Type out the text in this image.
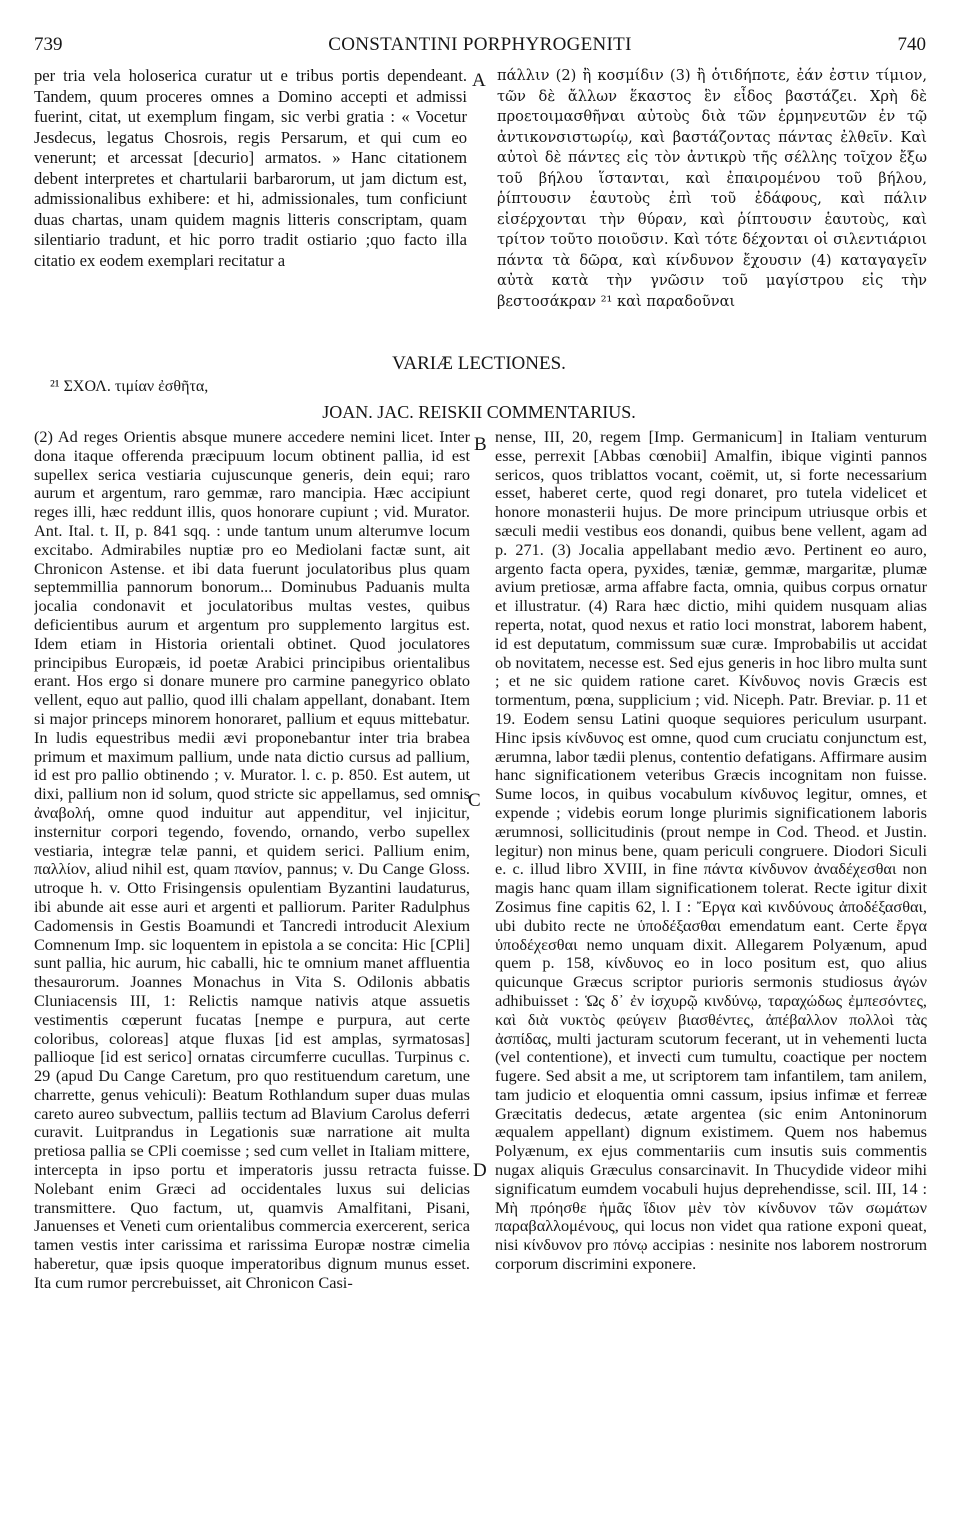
739	CONSTANTINI PORPHYROGENITI	740
per tria vela holoserica curatur ut e tribus portis dependeant. Tandem, quum proceres omnes a Domino accepti et admissi fuerint, citat, ut exemplum fingam, sic verbi gratia : « Vocetur Jesdecus, legatus Chosrois, regis Persarum, et qui cum eo venerunt; et arcessat [decurio] armatos. » Hanc citationem debent interpretes et chartularii barbarorum, ut jam dictum est, admissionalibus exhibere: et hi, admissionales, tum conficiunt duas chartas, unam quidem magnis litteris conscriptam, quam silentiario tradunt, et hic porro tradit ostiario ;quo facto illa citatio ex eodem exemplari recitatur a
A πάλλιν (2) ἢ κοσμίδιν (3) ἢ ὁτιδήποτε, ἐάν ἐστιν τίμιον, τῶν δὲ ἄλλων ἕκαστος ἓν εἶδος βαστάζει. Χρὴ δὲ προετοιμασθῆναι αὐτοὺς διὰ τῶν ἑρμηνευτῶν ἐν τῷ ἀντικονσιστωρίῳ, καὶ βαστάζοντας πάντας ἐλθεῖν. Καὶ αὐτοὶ δὲ πάντες εἰς τὸν ἀντικρὺ τῆς σέλλης τοῖχον ἔξω τοῦ βήλου ἵστανται, καὶ ἐπαιρομένου τοῦ βήλου, ῥίπτουσιν ἑαυτοὺς ἐπὶ τοῦ ἐδάφους, καὶ πάλιν εἰσέρχονται τὴν θύραν, καὶ ῥίπτουσιν ἑαυτοὺς, καὶ τρίτον τοῦτο ποιοῦσιν. Καὶ τότε δέχονται οἱ σιλεντιάριοι πάντα τὰ δῶρα, καὶ κίνδυνον ἔχουσιν (4) καταγαγεῖν αὐτὰ κατὰ τὴν γνῶσιν τοῦ μαγίστρου εἰς τὴν βεστοσάκραν ²¹ καὶ παραδοῦναι
VARIÆ LECTIONES.
²¹ ΣΧΟΛ. τιμίαν ἐσθῆτα,
JOAN. JAC. REISKII COMMENTARIUS.
(2) Ad reges Orientis absque munere accedere nemini licet. Inter dona itaque offerenda præcipuum locum obtinent pallia, id est supellex serica vestiaria cujuscunque generis, dein equi; raro aurum et argentum, raro gemmæ, raro mancipia. Hæc accipiunt reges illi, hæc reddunt illis, quos honorare cupiunt ; vid. Murator. Ant. Ital. t. II, p. 841 sqq. : unde tantum unum alterumve locum excitabo. Admirabiles nuptiæ pro eo Mediolani factæ sunt, ait Chronicon Astense. et ibi data fuerunt joculatoribus plus quam septemmillia pannorum bonorum... Dominubus Paduanis multa jocalia condonavit et joculatoribus multas vestes, quibus deficientibus aurum et argentum pro supplemento largitus est. Idem etiam in Historia orientali obtinet. Quod joculatores principibus Europæis, id poetæ Arabici principibus orientalibus erant. Hos ergo si donare munere pro carmine panegyrico oblato vellent, equo aut pallio, quod illi chalam appellant, donabant. Item si major princeps minorem honoraret, pallium et equus mittebatur. In ludis equestribus medii ævi proponebantur inter tria brabea primum et maximum pallium, unde nata dictio cursus ad pallium, id est pro pallio obtinendo ; v. Murator. l. c. p. 850. Est autem, ut dixi, pallium non id solum, quod stricte sic appellamus, sed omnis ἀναβολή, omne quod induitur aut appenditur, vel injicitur, insternitur corpori tegendo, fovendo, ornando, verbo supellex vestiaria, integræ telæ panni, et quidem serici. Pallium enim, παλλίον, aliud nihil est, quam πανίον, pannus; v. Du Cange Gloss. utroque h. v. Otto Frisingensis opulentiam Byzantini laudaturus, ibi abunde ait esse auri et argenti et palliorum. Pariter Radulphus Cadomensis in Gestis Boamundi et Tancredi introducit Alexium Comnenum Imp. sic loquentem in epistola a se concita: Hic [CPli] sunt pallia, hic aurum, hic caballi, hic te omnium manet affluentia thesaurorum. Joannes Monachus in Vita S. Odilonis abbatis Cluniacensis III, 1: Relictis namque nativis atque assuetis vestimentis cœperunt fucatas [nempe e purpura, aut certe coloribus, coloreas] atque fluxas [id est amplas, syrmatosas] pallioque [id est serico] ornatas circumferre cucullas. Turpinus c. 29 (apud Du Cange Caretum, pro quo restituendum caretum, une charrette, genus vehiculi): Beatum Rothlandum super duas mulas careto aureo subvectum, palliis tectum ad Blavium Carolus deferri curavit. Luitprandus in Legationis suæ narratione ait multa pretiosa pallia se CPli coemisse ; sed cum vellet in Italiam mittere, intercepta in ipso portu et imperatoris jussu retracta fuisse. Nolebant enim Græci ad occidentales luxus sui delicias transmittere. Quo factum, ut, quamvis Amalfitani, Pisani, Januenses et Veneti cum orientalibus commercia exercerent, serica tamen vestis inter carissima et rarissima Europæ nostræ cimelia haberetur, quæ ipsis quoque imperatoribus dignum munus esset. Ita cum rumor percrebuisset, ait Chronicon Casi-
B
C
D
nense, III, 20, regem [Imp. Germanicum] in Italiam venturum esse, perrexit [Abbas cœnobii] Amalfin, ibique viginti pannos sericos, quos triblattos vocant, coëmit, ut, si forte necessarium esset, haberet certe, quod regi donaret, pro tutela videlicet et honore monasterii hujus. De more principum utriusque orbis et sæculi medii vestibus eos donandi, quibus bene vellent, agam ad p. 271. (3) Jocalia appellabant medio ævo. Pertinent eo auro, argento facta opera, pyxides, tæniæ, gemmæ, margaritæ, plumæ avium pretiosæ, arma affabre facta, omnia, quibus corpus ornatur et illustratur. (4) Rara hæc dictio, mihi quidem nusquam alias reperta, notat, quod nexus et ratio loci monstrat, laborem habent, id est deputatum, commissum suæ curæ. Improbabilis ut accidat ob novitatem, necesse est. Sed ejus generis in hoc libro multa sunt ; et ne sic quidem ratione caret. Κίνδυνος novis Græcis est tormentum, pœna, supplicium ; vid. Niceph. Patr. Breviar. p. 11 et 19. Eodem sensu Latini quoque sequiores periculum usurpant. Hinc ipsis κίνδυνος est omne, quod cum cruciatu conjunctum est, ærumna, labor tædii plenus, contentio defatigans. Affirmare ausim hanc significationem veteribus Græcis incognitam non fuisse. Sume locos, in quibus vocabulum κίνδυνος legitur, omnes, et expende ; videbis eorum longe plurimis significationem laboris ærumnosi, sollicitudinis (prout nempe in Cod. Theod. et Justin. legitur) non minus bene, quam periculi congruere. Diodori Siculi e. c. illud libro XVIII, in fine πάντα κίνδυνον ἀναδέχεσθαι non magis hanc quam illam significationem tolerat. Recte igitur dixit Zosimus fine capitis 62, l. I : Ἔργα καὶ κινδύνους ἀποδέξασθαι, ubi dubito recte ne ὑποδέξασθαι emendatum eant. Certe ἔργα ὑποδέχεσθαι nemo unquam dixit. Allegarem Polyænum, apud quem p. 158, κίνδυνος eo in loco positum est, quo alius quicunque Græcus scriptor purioris sermonis studiosus ἀγών adhibuisset : Ὡς δ᾽ ἐν ἰσχυρῷ κινδύνῳ, ταραχώδως ἐμπεσόντες, καὶ διὰ νυκτὸς φεύγειν βιασθέντες, ἀπέβαλλον πολλοὶ τὰς ἀσπίδας, multi jacturam scutorum fecerant, ut in vehementi lucta (vel contentione), et invecti cum tumultu, coactique per noctem fugere. Sed absit a me, ut scriptorem tam infantilem, tam anilem, tam judicio et eloquentia omni cassum, ipsius infimæ et ferreæ Græcitatis dedecus, ætate argentea (sic enim Antoninorum æqualem appellant) dignum existimem. Quem nos habemus Polyænum, ex ejus commentariis cum insutis suis commentis nugax aliquis Græculus consarcinavit. In Thucydide videor mihi significatum eumdem vocabuli hujus deprehendisse, scil. III, 14 : Μὴ πρόησθε ἡμᾶς ἴδιον μὲν τὸν κίνδυνον τῶν σωμάτων παραβαλλομένους, qui locus non videt qua ratione exponi queat, nisi κίνδυνον pro πόνῳ accipias : nesinite nos laborem nostrorum corporum discrimini exponere.
